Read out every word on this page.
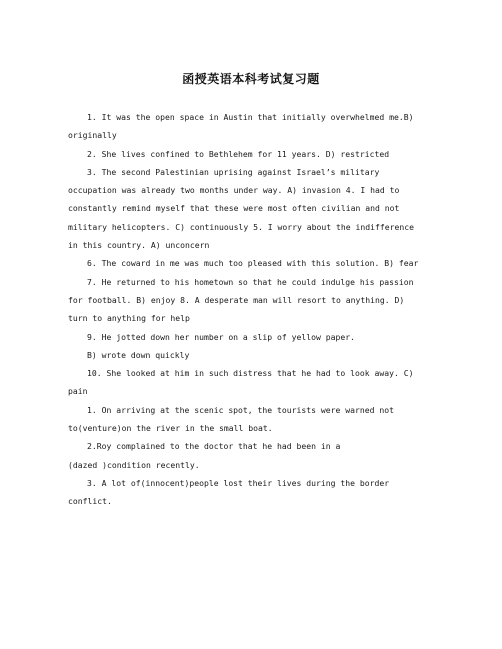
函授英语本科考试复习题
1. It was the open space in Austin that initially overwhelmed me.B)
originally
2. She lives confined to Bethlehem for 11 years. D) restricted
3. The second Palestinian uprising against Israel’s military
occupation was already two months under way. A) invasion 4. I had to
constantly remind myself that these were most often civilian and not
military helicopters. C) continuously 5. I worry about the indifference
in this country. A) unconcern
6. The coward in me was much too pleased with this solution. B) fear
7. He returned to his hometown so that he could indulge his passion
for football. B) enjoy 8. A desperate man will resort to anything. D)
turn to anything for help
9. He jotted down her number on a slip of yellow paper.
B) wrote down quickly
10. She looked at him in such distress that he had to look away. C)
pain
1. On arriving at the scenic spot, the tourists were warned not
to(venture)on the river in the small boat.
2.Roy complained to the doctor that he had been in a
(dazed )condition recently.
3. A lot of(innocent)people lost their lives during the border
conflict.
